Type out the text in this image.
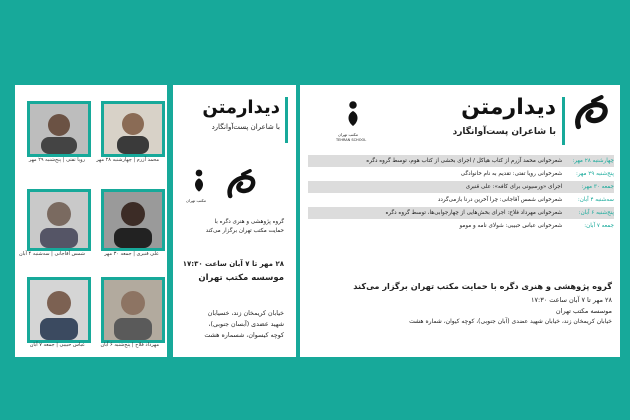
محمد آزرم | چهارشنبه ۲۸ مهر
رویا تفتی | پنج‌شنبه ۲۹ مهر
علی قنبری | جمعه ۳۰ مهر
شمس آقاجانی | سه‌شنبه ۴ آبان
مهرداد فلاح | پنج‌شنبه ۶ آبان
عباس حبیبی | جمعه ۷ آبان
دیدارمتن
با شاعران پست‌آوانگارد
مکتب تهران
گروه پژوهشی و هنری دگره با
حمایت مکتب تهران برگزار می‌کند
۲۸ مهر تا ۷ آبان ساعت ۱۷:۳۰
موسسه مکتب تهران
خیابان کریمخان زند، خسیابان
شهید عضدی (آبسان جنوبی)،
کوچه کیسوان، شسماره هشت
دیدارمتن
با شاعران پست‌آوانگارد
مکتب تهران
TEHRAN SCHOOL
چهارشنبه ۲۸ مهر: شعرخوانی محمد آزرم از کتاب هیاکل / اجرای بخشی از کتاب هوم، توسط گروه دگره
پنج‌شنبه ۲۹ مهر: شعرخوانی رویا تفتی: تقدیم به نام خانوادگی
جمعه ۳۰ مهر: اجرای «ورسیونی برای کافه»: علی قنبری
سه‌شنبه ۴ آبان: شعرخوانی شمس آقاجانی: چرا آخرین درنا بازمی‌گردد
پنج‌شنبه ۶ آبان: شعرخوانی مهرداد فلاح: اجرای بخش‌هایی از چهارجوابی‌ها، توسط گروه دگره
جمعه ۷ آبان: شعرخوانی عباس حبیبی: شولای نامه و مومو
گروه پژوهشی و هنری دگره با حمایت مکتب تهران برگزار می‌کند
۲۸ مهر تا ۷ آبان ساعت ۱۷:۳۰
موسسه مکتب تهران
خیابان کریمخان زند، خیابان شهید عضدی (آبان جنوبی)، کوچه کیوان، شماره هشت
